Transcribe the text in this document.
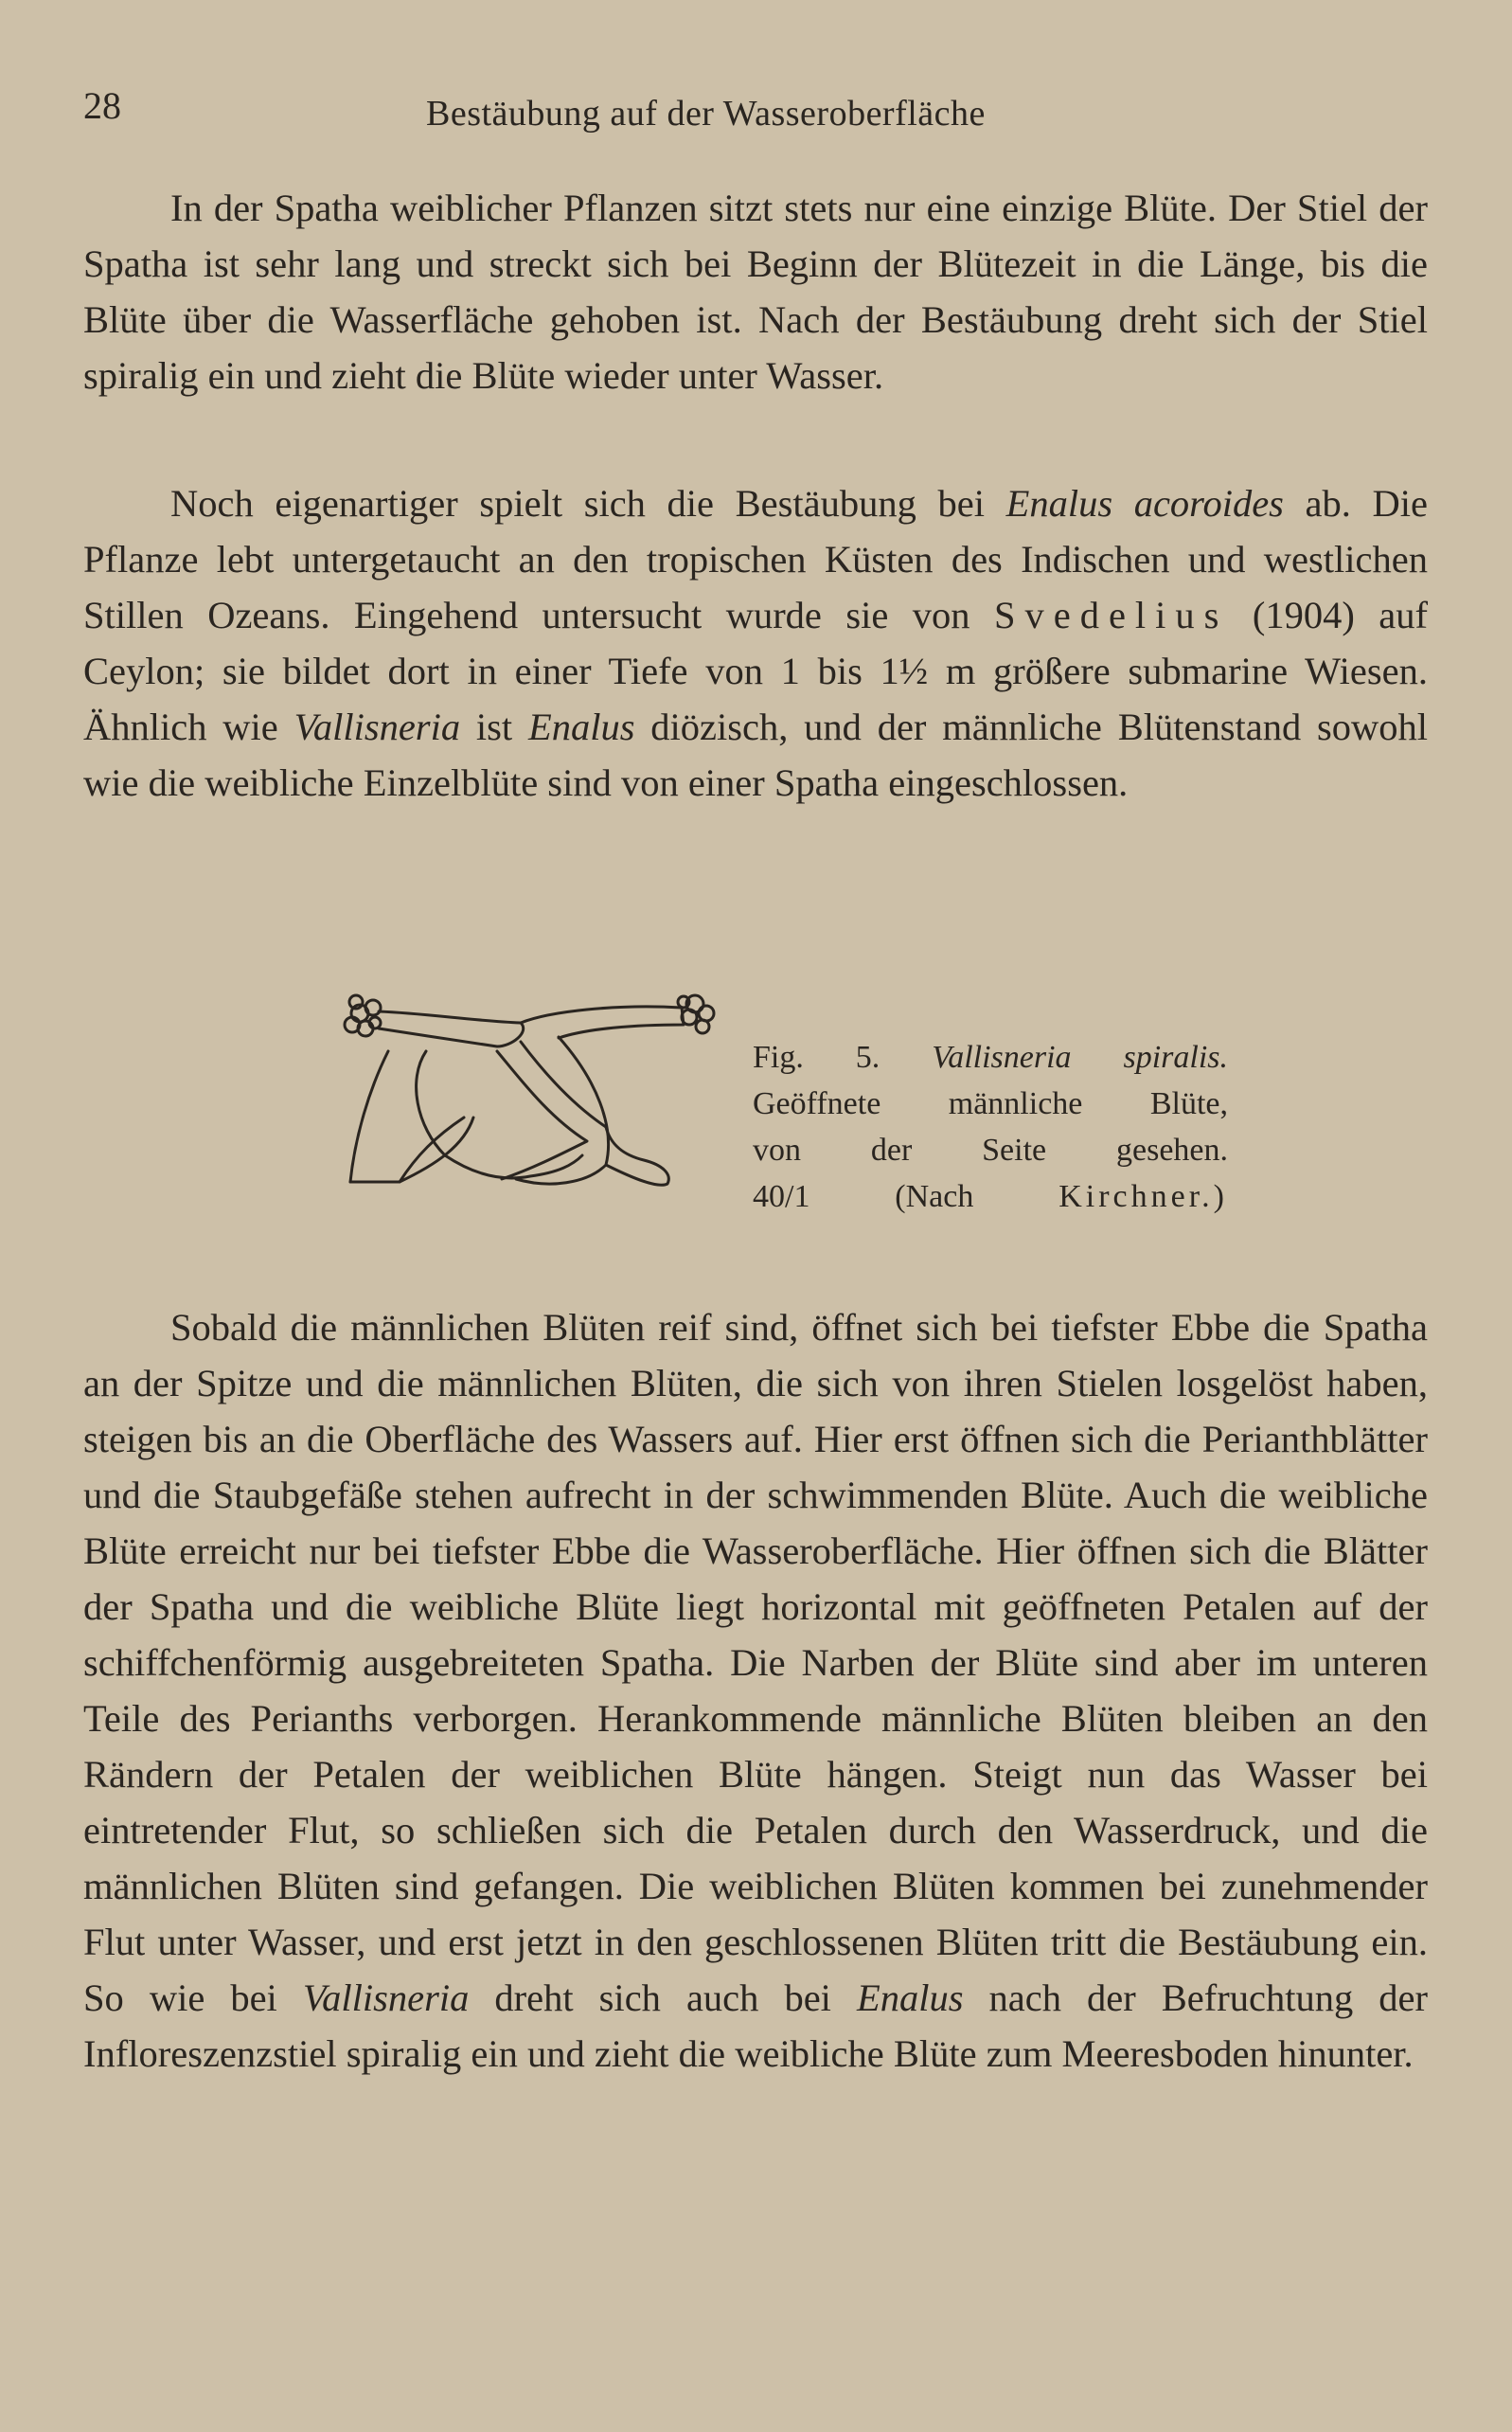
28	Bestäubung auf der Wasseroberfläche

In der Spatha weiblicher Pflanzen sitzt stets nur eine einzige Blüte. Der Stiel der Spatha ist sehr lang und streckt sich bei Beginn der Blütezeit in die Länge, bis die Blüte über die Wasserfläche gehoben ist. Nach der Bestäubung dreht sich der Stiel spiralig ein und zieht die Blüte wieder unter Wasser.

Noch eigenartiger spielt sich die Bestäubung bei Enalus acoroides ab. Die Pflanze lebt untergetaucht an den tropischen Küsten des Indischen und westlichen Stillen Ozeans. Eingehend untersucht wurde sie von Svedelius (1904) auf Ceylon; sie bildet dort in einer Tiefe von 1 bis 1½ m größere submarine Wiesen. Ähnlich wie Vallisneria ist Enalus diözisch, und der männliche Blütenstand sowohl wie die weibliche Einzelblüte sind von einer Spatha eingeschlossen.

Fig. 5. Vallisneria spiralis.
Geöffnete männliche Blüte,
von der Seite gesehen.
40/1 (Nach	Kirchner.)

Sobald die männlichen Blüten reif sind, öffnet sich bei tiefster Ebbe die Spatha an der Spitze und die männlichen Blüten, die sich von ihren Stielen losgelöst haben, steigen bis an die Oberfläche des Wassers auf. Hier erst öffnen sich die Perianthblätter und die Staubgefäße stehen aufrecht in der schwimmenden Blüte. Auch die weibliche Blüte erreicht nur bei tiefster Ebbe die Wasseroberfläche. Hier öffnen sich die Blätter der Spatha und die weibliche Blüte liegt horizontal mit geöffneten Petalen auf der schiffchenförmig ausgebreiteten Spatha. Die Narben der Blüte sind aber im unteren Teile des Perianths verborgen. Herankommende männliche Blüten bleiben an den Rändern der Petalen der weiblichen Blüte hängen. Steigt nun das Wasser bei eintretender Flut, so schließen sich die Petalen durch den Wasserdruck, und die männlichen Blüten sind gefangen. Die weiblichen Blüten kommen bei zunehmender Flut unter Wasser, und erst jetzt in den geschlossenen Blüten tritt die Bestäubung ein. So wie bei Vallisneria dreht sich auch bei Enalus nach der Befruchtung der Infloreszenzstiel spiralig ein und zieht die weibliche Blüte zum Meeresboden hinunter.
